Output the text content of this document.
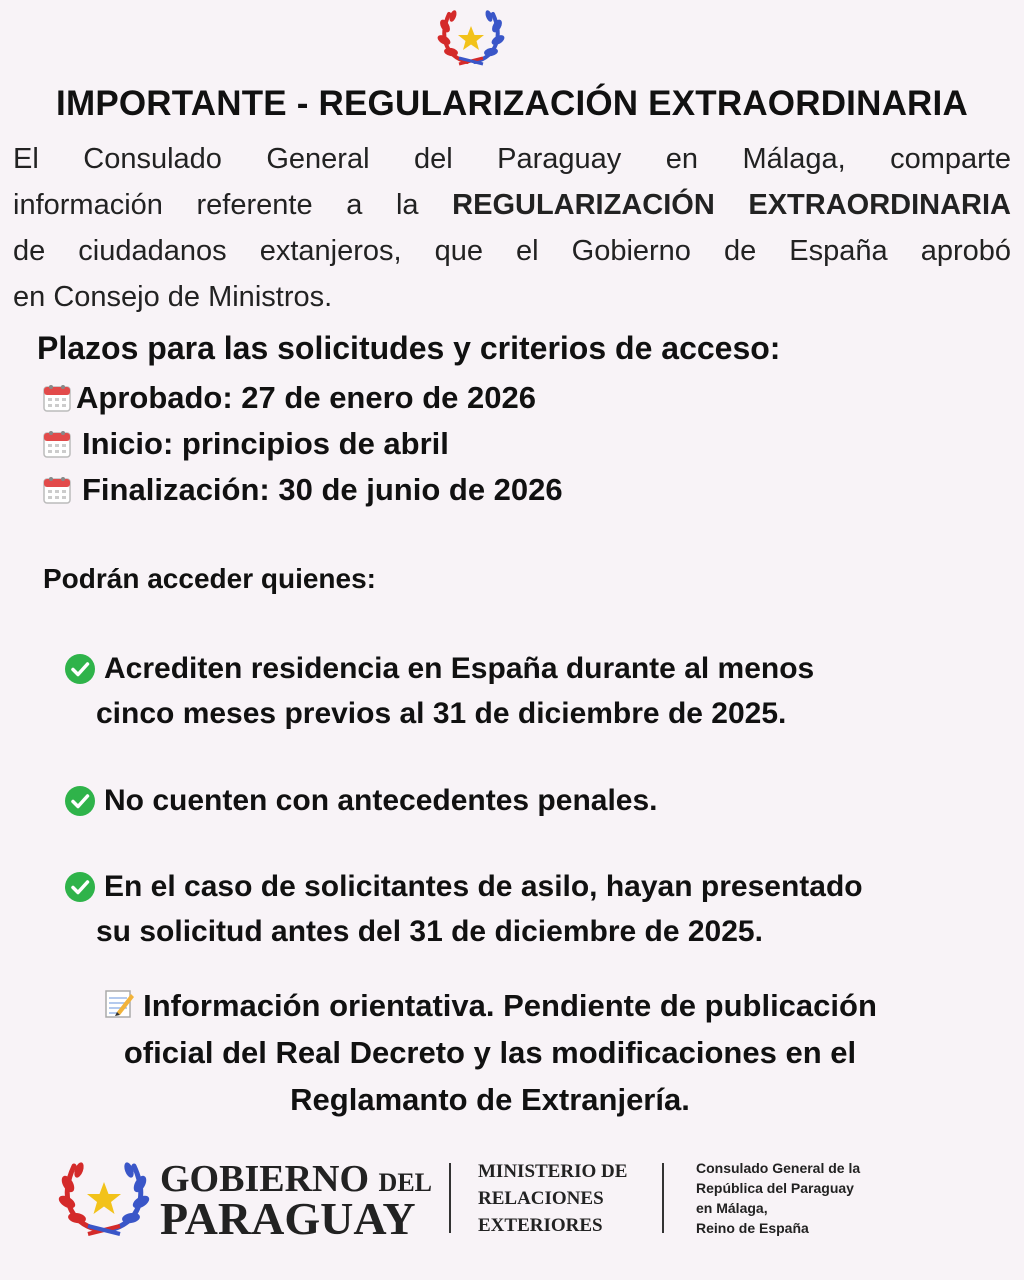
IMPORTANTE - REGULARIZACIÓN EXTRAORDINARIA
El Consulado General del Paraguay en Málaga, comparte
información referente a la REGULARIZACIÓN EXTRAORDINARIA
de ciudadanos extanjeros, que el Gobierno de España aprobó
en Consejo de Ministros.
Plazos para las solicitudes y criterios de acceso:
Aprobado: 27 de enero de 2026
Inicio: principios de abril
Finalización: 30 de junio de 2026
Podrán acceder quienes:
Acrediten residencia en España durante al menos
cinco meses previos al 31 de diciembre de 2025.
No cuenten con antecedentes penales.
En el caso de solicitantes de asilo, hayan presentado
su solicitud antes del 31 de diciembre de 2025.
Información orientativa. Pendiente de publicación
oficial del Real Decreto y las modificaciones en el
Reglamanto de Extranjería.
GOBIERNO DEL
PARAGUAY
MINISTERIO DE
RELACIONES
EXTERIORES
Consulado General de la
República del Paraguay
en Málaga,
Reino de España
